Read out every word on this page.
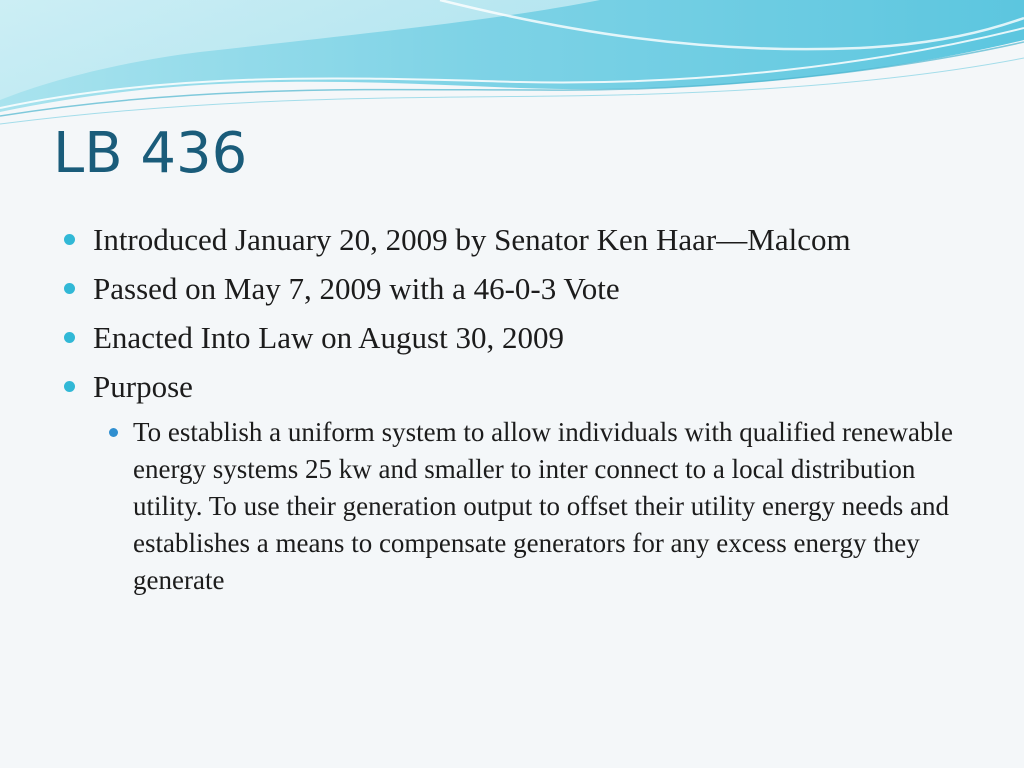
LB 436
Introduced January 20, 2009 by Senator Ken Haar—Malcom
Passed on May 7, 2009 with a 46-0-3 Vote
Enacted Into Law on August 30, 2009
Purpose
To establish a uniform system to allow individuals with qualified renewable energy systems 25 kw and smaller to inter connect to a local distribution utility. To use their generation output to offset their utility energy needs and establishes a means to compensate generators for any excess energy they generate
